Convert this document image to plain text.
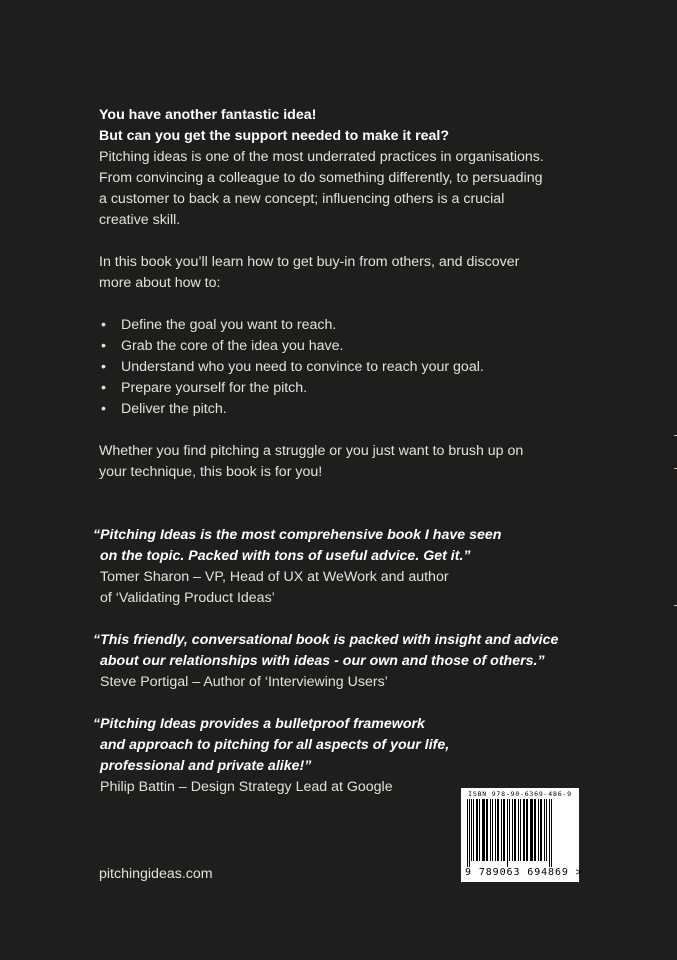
You have another fantastic idea!

But can you get the support needed to make it real?

Pitching ideas is one of the most underrated practices in organisations.

From convincing a colleague to do something differently, to persuading

a customer to back a new concept; influencing others is a crucial

creative skill.

In this book you’ll learn how to get buy-in from others, and discover

more about how to:

• Define the goal you want to reach.
• Grab the core of the idea you have.
• Understand who you need to convince to reach your goal.
• Prepare yourself for the pitch.
• Deliver the pitch.

Whether you find pitching a struggle or you just want to brush up on

your technique, this book is for you!

“Pitching Ideas is the most comprehensive book I have seen
on the topic. Packed with tons of useful advice. Get it.”

Tomer Sharon – VP, Head of UX at WeWork and author

of ‘Validating Product Ideas’

“This friendly, conversational book is packed with insight and advice
about our relationships with ideas - our own and those of others.”

Steve Portigal – Author of ‘Interviewing Users’

“Pitching Ideas provides a bulletproof framework
and approach to pitching for all aspects of your life,
professional and private alike!”

Philip Battin – Design Strategy Lead at Google

pitchingideas.com
ISBN 978-90-6369-486-9
9 789063 694869 >
